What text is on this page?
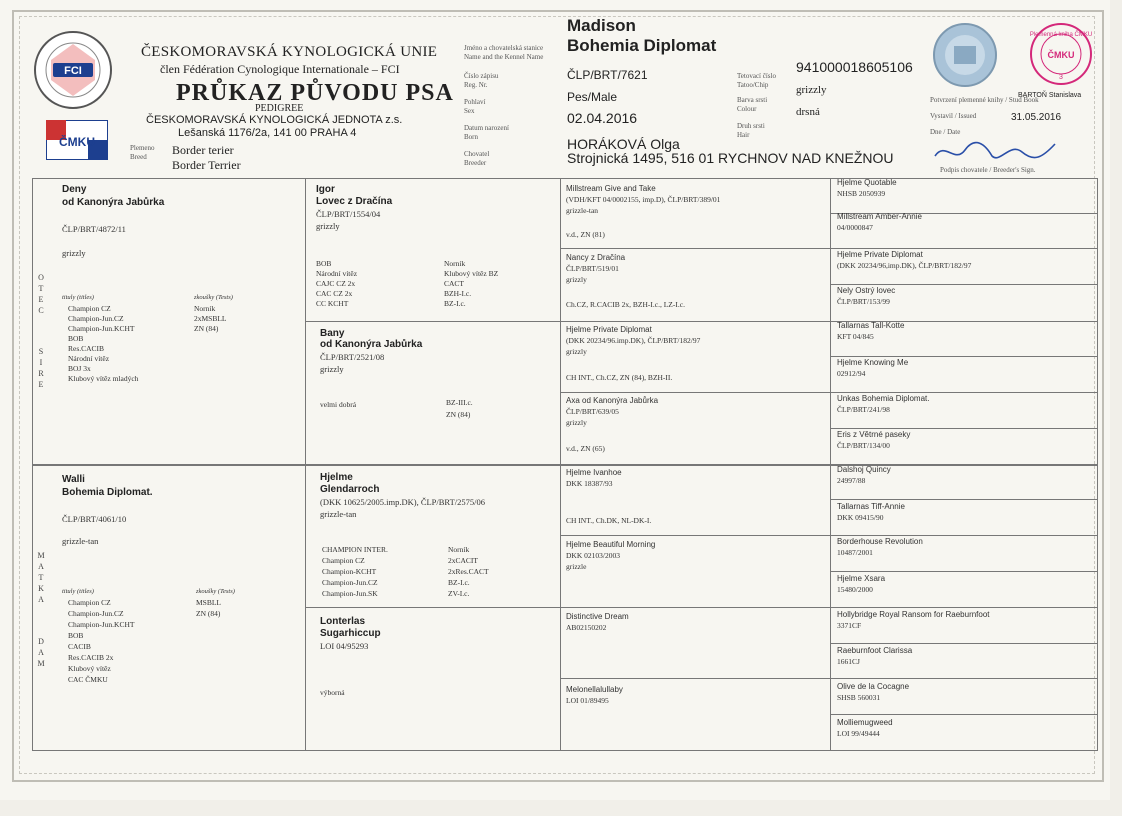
FCI
ČMKU
ČESKOMORAVSKÁ KYNOLOGICKÁ UNIE
člen Fédération Cynologique Internationale – FCI
PRŮKAZ PŮVODU PSA
PEDIGREE
ČESKOMORAVSKÁ KYNOLOGICKÁ JEDNOTA z.s.
Lešanská 1176/2a, 141 00 PRAHA 4
Plemeno
Breed Border terier
Border Terrier
Jméno a chovatelská stanice
Name and the Kennel Name
Číslo zápisu
Reg. Nr.
Pohlaví
Sex
Datum narození
Born
Chovatel
Breeder
Madison
Bohemia Diplomat
ČLP/BRT/7621
Pes/Male
02.04.2016
HORÁKOVÁ Olga
Strojnická 1495, 516 01 RYCHNOV NAD KNEŽNOU
Tetovací číslo
Tatoo/Chip
Barva srsti
Colour
Druh srsti
Hair
941000018605106
grizzly
drsná
Plemenná kniha ČMKU
ČMKU
3
Potvrzení plemenné knihy / Stud Book
Vystavil / Issued
BARTOŇ Stanislava
31.05.2016
Dne / Date
Podpis chovatele / Breeder's Sign.
O
T
E
C
S
I
R
E
M
A
T
K
A
D
A
M
Deny
od Kanonýra Jabůrka
ČLP/BRT/4872/11
grizzly
tituly (titles)	zkoušky (Tests)
Champion CZ
Champion-Jun.CZ
Champion-Jun.KCHT
BOB
Res.CACIB
Národní vítěz
BOJ 3x
Klubový vítěz mladých
Norník
2xMSBLL
ZN (84)
Walli
Bohemia Diplomat.
ČLP/BRT/4061/10
grizzle-tan
tituly (titles)	zkoušky (Tests)
Champion CZ
Champion-Jun.CZ
Champion-Jun.KCHT
BOB
CACIB
Res.CACIB 2x
Klubový vítěz
CAC ČMKU
MSBLL
ZN (84)
Igor
Lovec z Dračína
ČLP/BRT/1554/04
grizzly
BOB
Národní vítěz
CAJC CZ 2x
CAC CZ 2x
CC KCHT
Norník
Klubový vítěz BZ
CACT
BZH-I.c.
BZ-I.c.
Bany
od Kanonýra Jabůrka
ČLP/BRT/2521/08
grizzly
velmi dobrá	BZ-III.c.
ZN (84)
Hjelme
Glendarroch
(DKK 10625/2005.imp.DK), ČLP/BRT/2575/06
grizzle-tan
CHAMPION INTER.
Champion CZ
Champion-KCHT
Champion-Jun.CZ
Champion-Jun.SK
Norník
2xCACIT
2xRes.CACT
BZ-I.c.
ZV-I.c.
Lonterlas
Sugarhiccup
LOI 04/95293
výborná
Millstream Give and Take
(VDH/KFT 04/0002155, imp.D), ČLP/BRT/389/01
grizzle-tan
v.d., ZN (81)
Nancy z Dračína
ČLP/BRT/519/01
grizzly
Ch.CZ, R.CACIB 2x, BZH-I.c., LZ-I.c.
Hjelme Private Diplomat
(DKK 20234/96.imp.DK), ČLP/BRT/182/97
grizzly
CH INT., Ch.CZ, ZN (84), BZH-II.
Axa od Kanonýra Jabůrka
ČLP/BRT/639/05
grizzly
v.d., ZN (65)
Hjelme Ivanhoe
DKK 18387/93
CH INT., Ch.DK, NL-DK-I.
Hjelme Beautiful Morning
DKK 02103/2003
grizzle
Distinctive Dream
AB02150202
Melonellalullaby
LOI 01/89495
Hjelme Quotable
NHSB 2050939
Millstream Amber-Annie
04/0000847
Hjelme Private Diplomat
(DKK 20234/96,imp.DK), ČLP/BRT/182/97
Nely Ostrý lovec
ČLP/BRT/153/99
Tallarnas Tall-Kotte
KFT 04/845
Hjelme Knowing Me
02912/94
Unkas Bohemia Diplomat.
ČLP/BRT/241/98
Eris z Větrné paseky
ČLP/BRT/134/00
Dalshoj Quincy
24997/88
Tallarnas Tiff-Annie
DKK 09415/90
Borderhouse Revolution
10487/2001
Hjelme Xsara
15480/2000
Hollybridge Royal Ransom for Raeburnfoot
3371CF
Raeburnfoot Clarissa
1661CJ
Olive de la Cocagne
SHSB 560031
Molliemugweed
LOI 99/49444
